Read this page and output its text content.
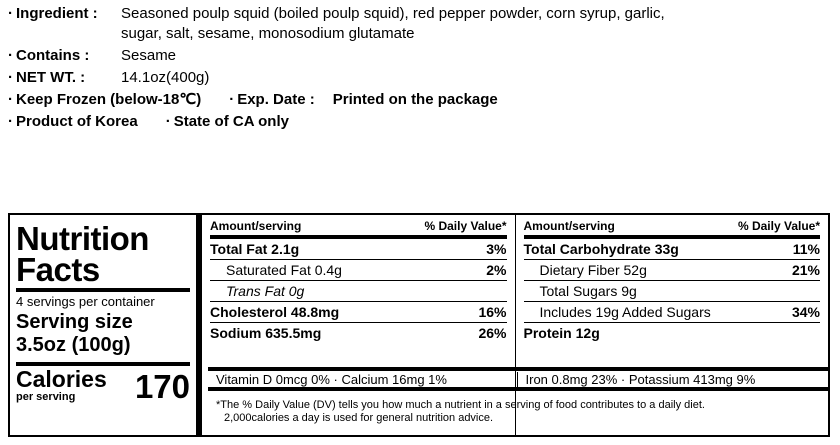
· Ingredient :	Seasoned poulp squid (boiled poulp squid), red pepper powder, corn syrup, garlic,
sugar, salt, sesame, monosodium glutamate
· Contains :	Sesame
· NET WT. :	14.1oz(400g)
· Keep Frozen (below-18℃) · Exp. Date : Printed on the package
· Product of Korea · State of CA only
Nutrition
Facts
4 servings per container
Serving size
3.5oz (100g)
Calories
per serving	170
Amount/serving	% Daily Value*
Total Fat 2.1g	3%
Saturated Fat 0.4g	2%
Trans Fat 0g
Cholesterol 48.8mg	16%
Sodium 635.5mg	26%
Amount/serving	% Daily Value*
Total Carbohydrate 33g	11%
Dietary Fiber 52g	21%
Total Sugars 9g
Includes 19g Added Sugars	34%
Protein 12g
Vitamin D 0mcg 0% · Calcium 16mg 1%	Iron 0.8mg 23% · Potassium 413mg 9%
*The % Daily Value (DV) tells you how much a nutrient in a serving of food contributes to a daily diet.
2,000calories a day is used for general nutrition advice.
